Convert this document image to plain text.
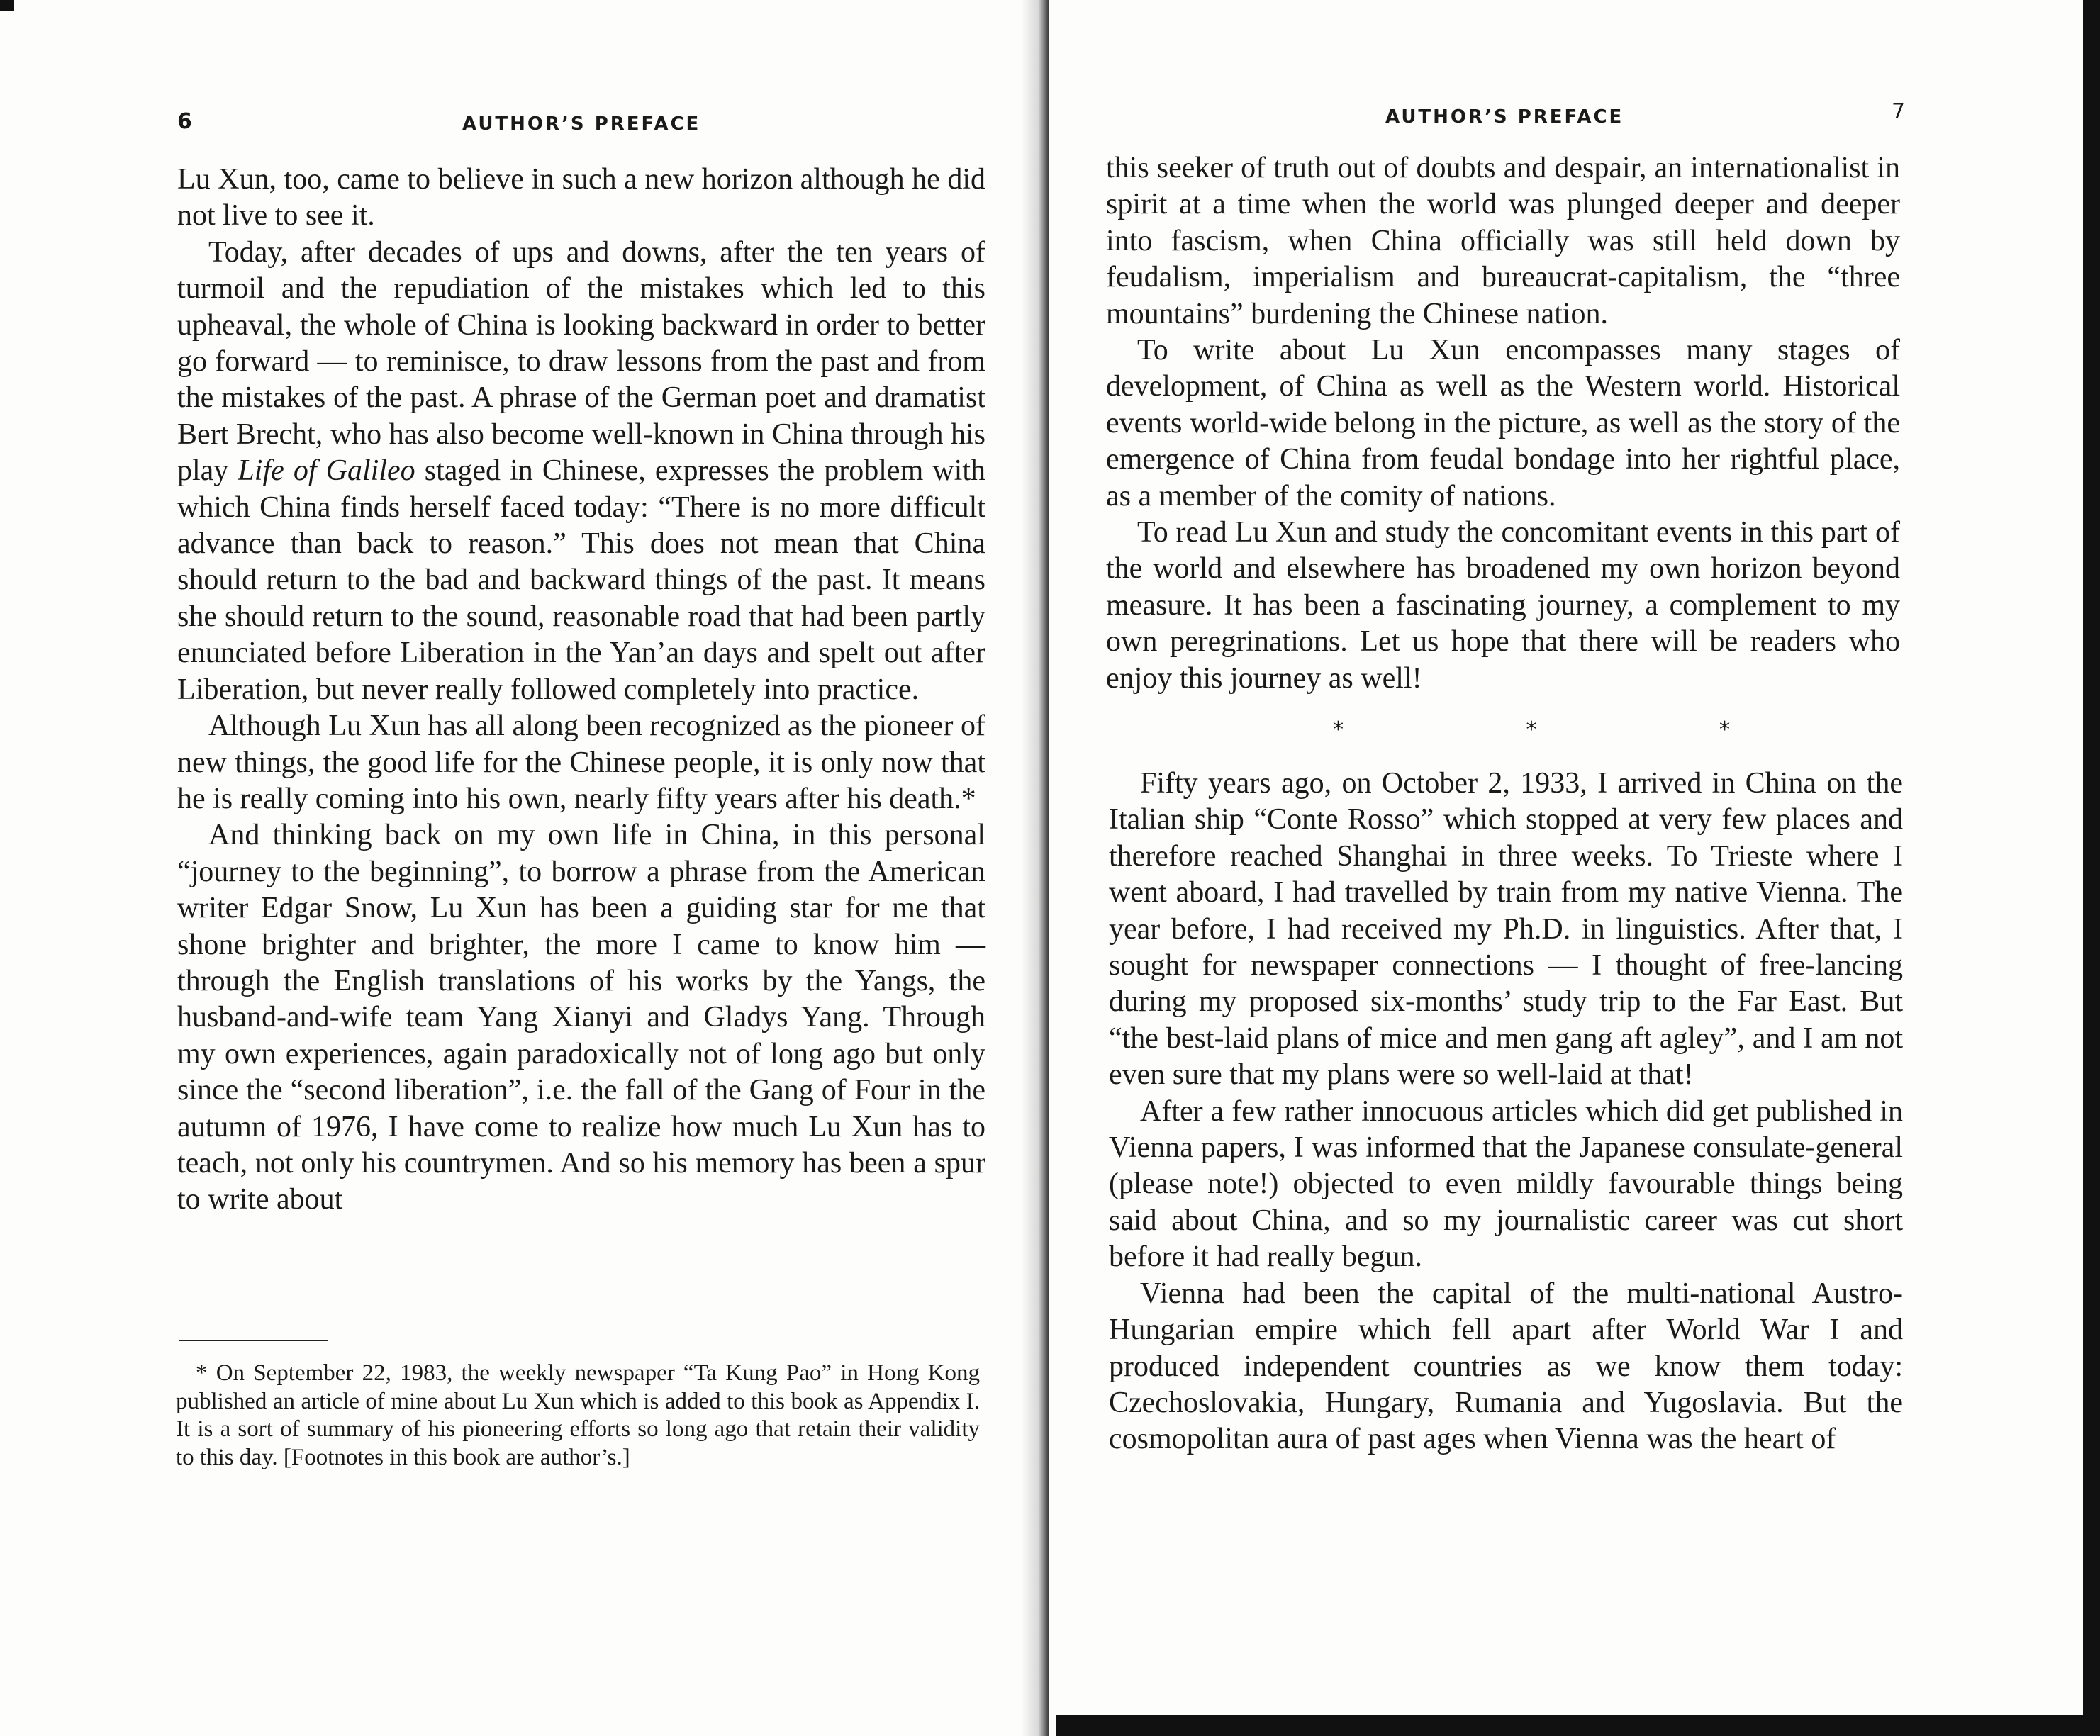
6	AUTHOR’S PREFACE

Lu Xun, too, came to believe in such a new horizon although he did not live to see it.

Today, after decades of ups and downs, after the ten years of turmoil and the repudiation of the mistakes which led to this upheaval, the whole of China is looking backward in order to better go forward — to reminisce, to draw lessons from the past and from the mistakes of the past. A phrase of the German poet and dramatist Bert Brecht, who has also become well-known in China through his play Life of Galileo staged in Chinese, expresses the problem with which China finds herself faced today: “There is no more difficult advance than back to reason.” This does not mean that China should return to the bad and backward things of the past. It means she should return to the sound, reasonable road that had been partly enunciated before Liberation in the Yan’an days and spelt out after Liberation, but never really followed completely into practice.

Although Lu Xun has all along been recognized as the pioneer of new things, the good life for the Chinese people, it is only now that he is really coming into his own, nearly fifty years after his death.*

And thinking back on my own life in China, in this personal “journey to the beginning”, to borrow a phrase from the American writer Edgar Snow, Lu Xun has been a guiding star for me that shone brighter and brighter, the more I came to know him — through the English translations of his works by the Yangs, the husband-and-wife team Yang Xianyi and Gladys Yang. Through my own experiences, again paradoxically not of long ago but only since the “second liberation”, i.e. the fall of the Gang of Four in the autumn of 1976, I have come to realize how much Lu Xun has to teach, not only his countrymen. And so his memory has been a spur to write about

* On September 22, 1983, the weekly newspaper “Ta Kung Pao” in Hong Kong published an article of mine about Lu Xun which is added to this book as Appendix I. It is a sort of summary of his pioneering efforts so long ago that retain their validity to this day. [Footnotes in this book are author’s.]

AUTHOR’S PREFACE	7

this seeker of truth out of doubts and despair, an internationalist in spirit at a time when the world was plunged deeper and deeper into fascism, when China officially was still held down by feudalism, imperialism and bureaucrat-capitalism, the “three mountains” burdening the Chinese nation.

To write about Lu Xun encompasses many stages of development, of China as well as the Western world. Historical events world-wide belong in the picture, as well as the story of the emergence of China from feudal bondage into her rightful place, as a member of the comity of nations.

To read Lu Xun and study the concomitant events in this part of the world and elsewhere has broadened my own horizon beyond measure. It has been a fascinating journey, a complement to my own peregrinations. Let us hope that there will be readers who enjoy this journey as well!

Fifty years ago, on October 2, 1933, I arrived in China on the Italian ship “Conte Rosso” which stopped at very few places and therefore reached Shanghai in three weeks. To Trieste where I went aboard, I had travelled by train from my native Vienna. The year before, I had received my Ph.D. in linguistics. After that, I sought for newspaper connections — I thought of free-lancing during my proposed six-months’ study trip to the Far East. But “the best-laid plans of mice and men gang aft agley”, and I am not even sure that my plans were so well-laid at that!

After a few rather innocuous articles which did get published in Vienna papers, I was informed that the Japanese consulate-general (please note!) objected to even mildly favourable things being said about China, and so my journalistic career was cut short before it had really begun.

Vienna had been the capital of the multi-national Austro-Hungarian empire which fell apart after World War I and produced independent countries as we know them today: Czechoslovakia, Hungary, Rumania and Yugoslavia. But the cosmopolitan aura of past ages when Vienna was the heart of

*	*	*
